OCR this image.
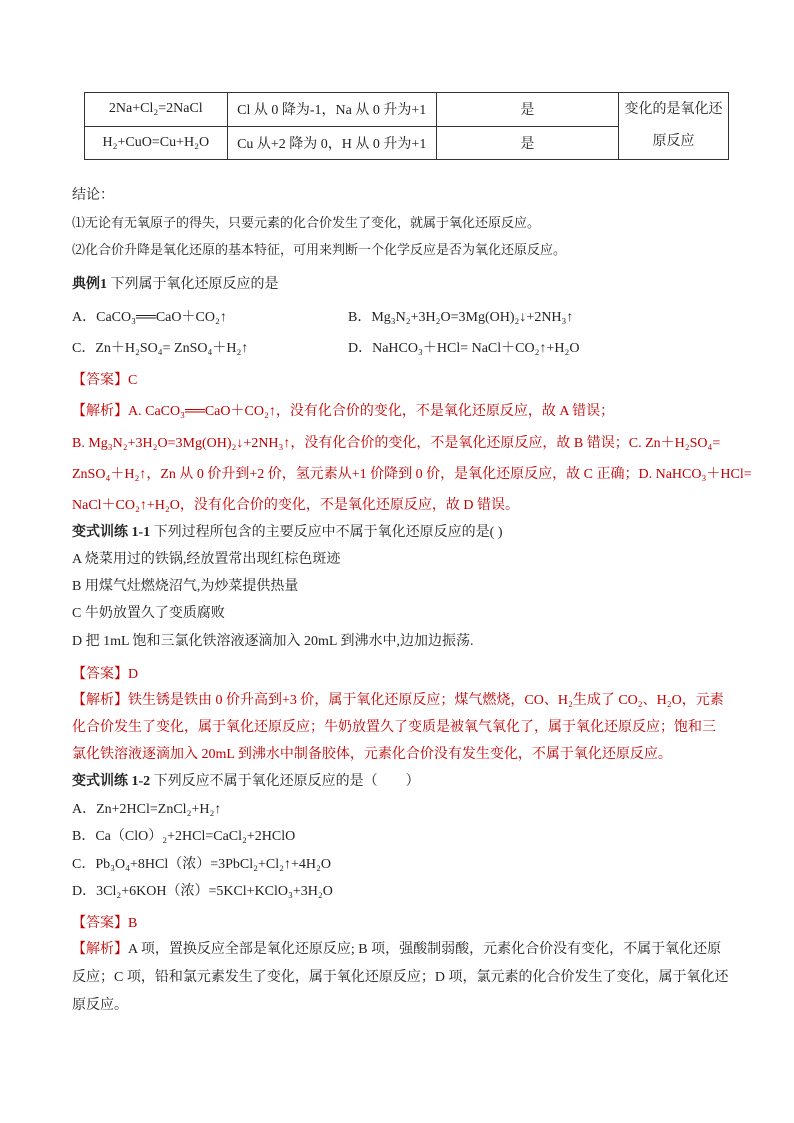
2Na+Cl₂=2NaCl	Cl 从 0 降为-1，Na 从 0 升为+1	是	变化的是氧化还原反应
H₂+CuO=Cu+H₂O	Cu 从+2 降为 0，H 从 0 升为+1	是	
结论：
⑴无论有无氧原子的得失，只要元素的化合价发生了变化，就属于氧化还原反应。
⑵化合价升降是氧化还原的基本特征，可用来判断一个化学反应是否为氧化还原反应。
典例1 下列属于氧化还原反应的是
A．CaCO₃══CaO＋CO₂↑	B．Mg₃N₂+3H₂O=3Mg(OH)₂↓+2NH₃↑
C．Zn＋H₂SO₄= ZnSO₄＋H₂↑	D．NaHCO₃＋HCl= NaCl＋CO₂↑+H₂O
【答案】C
【解析】A. CaCO₃══CaO＋CO₂↑，没有化合价的变化，不是氧化还原反应，故 A 错误；
B. Mg₃N₂+3H₂O=3Mg(OH)₂↓+2NH₃↑，没有化合价的变化，不是氧化还原反应，故 B 错误；C. Zn＋H₂SO₄=
ZnSO₄＋H₂↑，Zn 从 0 价升到+2 价，氢元素从+1 价降到 0 价，是氧化还原反应，故 C 正确；D. NaHCO₃＋HCl=
NaCl＋CO₂↑+H₂O，没有化合价的变化，不是氧化还原反应，故 D 错误。
变式训练 1-1 下列过程所包含的主要反应中不属于氧化还原反应的是( )
A 烧菜用过的铁锅,经放置常出现红棕色斑迹
B 用煤气灶燃烧沼气,为炒菜提供热量
C 牛奶放置久了变质腐败
D 把 1mL 饱和三氯化铁溶液逐滴加入 20mL 到沸水中,边加边振荡.
【答案】D
【解析】铁生锈是铁由 0 价升高到+3 价，属于氧化还原反应；煤气燃烧，CO、H₂生成了 CO₂、H₂O，元素
化合价发生了变化，属于氧化还原反应；牛奶放置久了变质是被氧气氧化了，属于氧化还原反应；饱和三
氯化铁溶液逐滴加入 20mL 到沸水中制备胶体，元素化合价没有发生变化，不属于氧化还原反应。
变式训练 1-2 下列反应不属于氧化还原反应的是（　　）
A．Zn+2HCl=ZnCl₂+H₂↑
B．Ca（ClO）₂+2HCl=CaCl₂+2HClO
C．Pb₃O₄+8HCl（浓）=3PbCl₂+Cl₂↑+4H₂O
D．3Cl₂+6KOH（浓）=5KCl+KClO₃+3H₂O
【答案】B
【解析】A 项，置换反应全部是氧化还原反应; B 项，强酸制弱酸，元素化合价没有变化，不属于氧化还原
反应；C 项，铅和氯元素发生了变化，属于氧化还原反应；D 项，氯元素的化合价发生了变化，属于氧化还
原反应。
